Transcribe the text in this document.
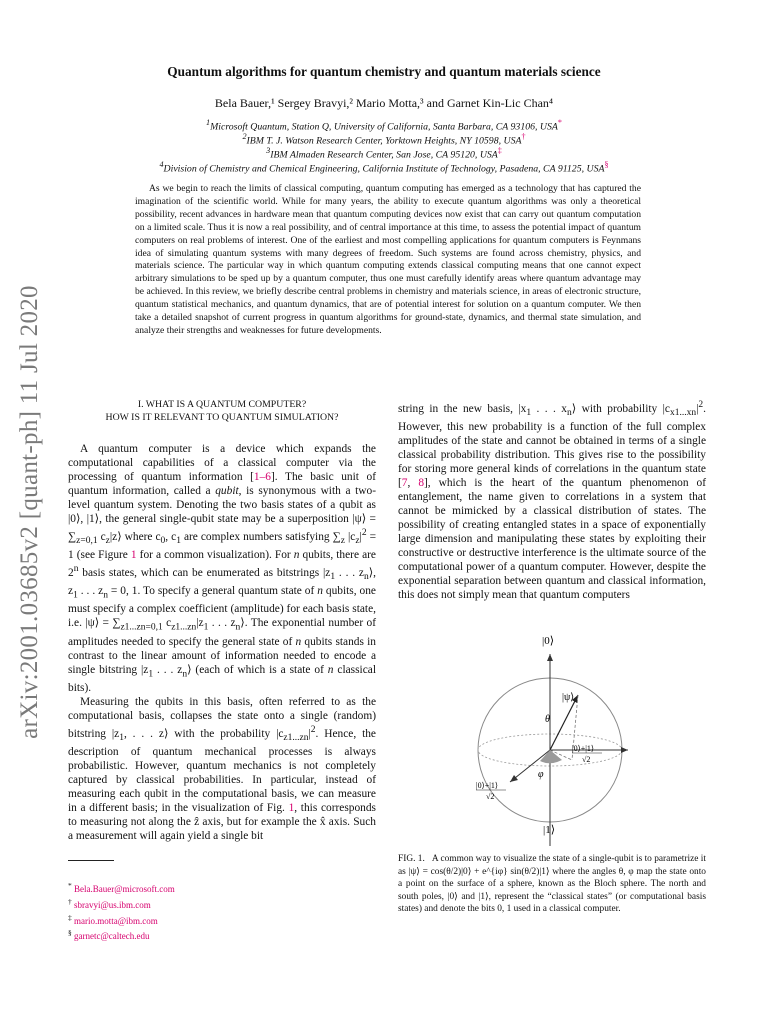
arXiv:2001.03685v2 [quant-ph] 11 Jul 2020
Quantum algorithms for quantum chemistry and quantum materials science
Bela Bauer,¹ Sergey Bravyi,² Mario Motta,³ and Garnet Kin-Lic Chan⁴
$^1$Microsoft Quantum, Station Q, University of California, Santa Barbara, CA 93106, USA*
$^2$IBM T. J. Watson Research Center, Yorktown Heights, NY 10598, USA†
$^3$IBM Almaden Research Center, San Jose, CA 95120, USA‡
$^4$Division of Chemistry and Chemical Engineering, California Institute of Technology, Pasadena, CA 91125, USA§

As we begin to reach the limits of classical computing, quantum computing has emerged as a technology that has captured the imagination of the scientific world. While for many years, the ability to execute quantum algorithms was only a theoretical possibility, recent advances in hardware mean that quantum computing devices now exist that can carry out quantum computation on a limited scale. Thus it is now a real possibility, and of central importance at this time, to assess the potential impact of quantum computers on real problems of interest. One of the earliest and most compelling applications for quantum computers is Feynmans idea of simulating quantum systems with many degrees of freedom. Such systems are found across chemistry, physics, and materials science. The particular way in which quantum computing extends classical computing means that one cannot expect arbitrary simulations to be sped up by a quantum computer, thus one must carefully identify areas where quantum advantage may be achieved. In this review, we briefly describe central problems in chemistry and materials science, in areas of electronic structure, quantum statistical mechanics, and quantum dynamics, that are of potential interest for solution on a quantum computer. We then take a detailed snapshot of current progress in quantum algorithms for ground-state, dynamics, and thermal state simulation, and analyze their strengths and weaknesses for future developments.

I. WHAT IS A QUANTUM COMPUTER?
HOW IS IT RELEVANT TO QUANTUM SIMULATION?

A quantum computer is a device which expands the computational capabilities of a classical computer via the processing of quantum information [1–6]. The basic unit of quantum information, called a qubit, is synonymous with a two-level quantum system. Denoting the two basis states of a qubit as |0⟩, |1⟩, the general single-qubit state may be a superposition |ψ⟩ = $\sum_{z=0,1}$ $c_z|z⟩$ where $c_0$, $c_1$ are complex numbers satisfying $\sum_z$ $|c_z|^2 = 1$ (see Figure 1 for a common visualization). For n qubits, there are 2$^n$ basis states, which can be enumerated as bitstrings $|z_1$ . . . $z_n⟩$, $z_1$ . . . $z_n = 0$, 1. To specify a general quantum state of n qubits, one must specify a complex coefficient (amplitude) for each basis state, i.e. |ψ⟩ = $\sum_{z1...zn=0,1}$ $c_{z1...zn}|z_1$ . . . $z_n⟩$. The exponential number of amplitudes needed to specify the general state of n qubits stands in contrast to the linear amount of information needed to encode a single bitstring $|z_1$ . . . $z_n⟩$ (each of which is a state of n classical bits).

Measuring the qubits in this basis, often referred to as the computational basis, collapses the state onto a single (random) bitstring $|z_1$, . . . z⟩ with the probability $|c_{z1...zn}|^2$. Hence, the description of quantum mechanical processes is always probabilistic. However, quantum mechanics is not completely captured by classical probabilities. In particular, instead of measuring each qubit in the computational basis, we can measure in a different basis; in the visualization of Fig. 1, this corresponds to measuring not along the ẑ axis, but for example the x̂ axis. Such a measurement will again yield a single bit

* Bela.Bauer@microsoft.com
† sbravyi@us.ibm.com
‡ mario.motta@ibm.com
§ garnetc@caltech.edu

string in the new basis, $|x_1$ . . . $x_n⟩$ with probability $|c_{x1...xn}|^2$. However, this new probability is a function of the full complex amplitudes of the state and cannot be obtained in terms of a single classical probability distribution. This gives rise to the possibility for storing more general kinds of correlations in the quantum state [7, 8], which is the heart of the quantum phenomenon of entanglement, the name given to correlations in a system that cannot be mimicked by a classical distribution of states. The possibility of creating entangled states in a space of exponentially large dimension and manipulating these states by exploiting their constructive or destructive interference is the ultimate source of the computational power of a quantum computer. However, despite the exponential separation between quantum and classical information, this does not simply mean that quantum computers

|0⟩
|1⟩
|ψ⟩
θ
φ
|0⟩+|1⟩
√2
|0⟩+|1⟩
√2
FIG. 1. A common way to visualize the state of a single-qubit is to parametrize it as |ψ⟩ = cos(θ/2)|0⟩ + e^{iφ} sin(θ/2)|1⟩ where the angles θ, φ map the state onto a point on the surface of a sphere, known as the Bloch sphere. The north and south poles, |0⟩ and |1⟩, represent the “classical states” (or computational basis states) and denote the bits 0, 1 used in a classical computer.
